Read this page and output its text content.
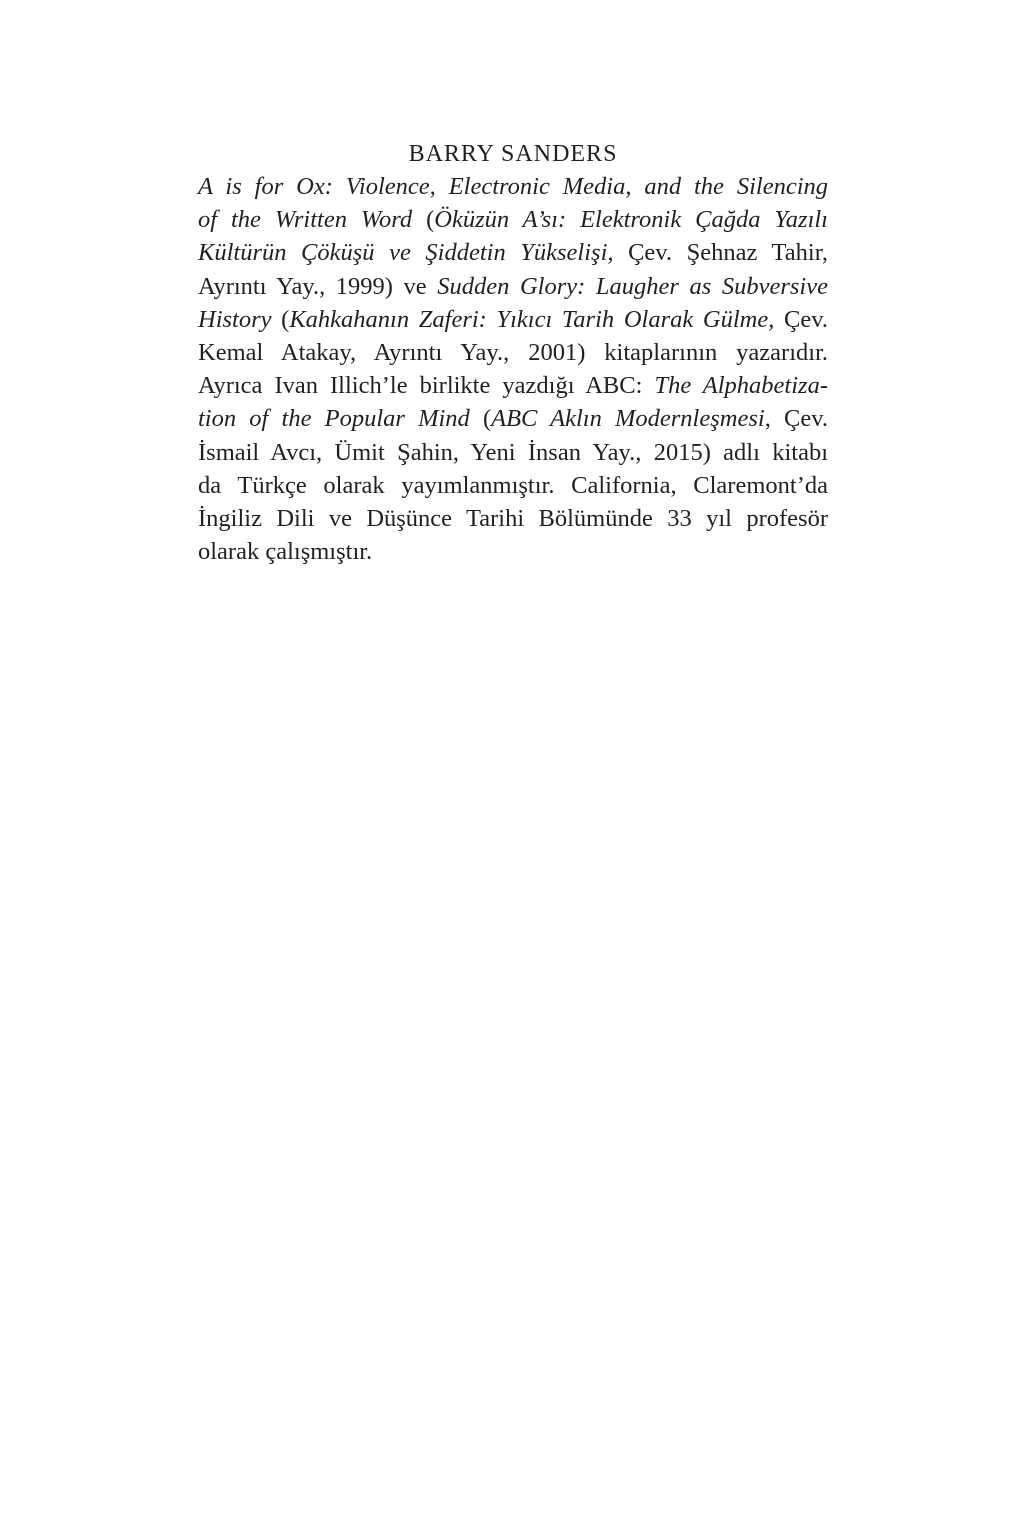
BARRY SANDERS
A is for Ox: Violence, Electronic Media, and the Silencing
of the Written Word (Öküzün A’sı: Elektronik Çağda Yazılı
Kültürün Çöküşü ve Şiddetin Yükselişi, Çev. Şehnaz Tahir,
Ayrıntı Yay., 1999) ve Sudden Glory: Laugher as Subversive
History (Kahkahanın Zaferi: Yıkıcı Tarih Olarak Gülme, Çev.
Kemal Atakay, Ayrıntı Yay., 2001) kitaplarının yazarıdır.
Ayrıca Ivan Illich’le birlikte yazdığı ABC: The Alphabetiza-
tion of the Popular Mind (ABC Aklın Modernleşmesi, Çev.
İsmail Avcı, Ümit Şahin, Yeni İnsan Yay., 2015) adlı kitabı
da Türkçe olarak yayımlanmıştır. California, Claremont’da
İngiliz Dili ve Düşünce Tarihi Bölümünde 33 yıl profesör
olarak çalışmıştır.
